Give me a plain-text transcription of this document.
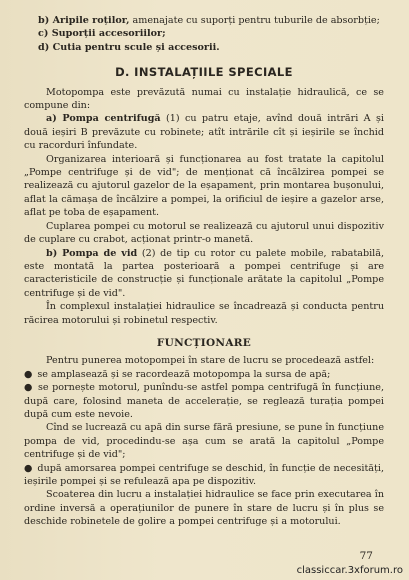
b) Aripile roților, amenajate cu suporți pentru tuburile de absorbție;

c) Suporții accesoriilor;

d) Cutia pentru scule și accesorii.

D. INSTALAȚIILE SPECIALE

Motopompa este prevăzută numai cu instalație hidraulică, ce se compune din:

a) Pompa centrifugă (1) cu patru etaje, avînd două intrări A și două ieșiri B prevăzute cu robinete; atît intrările cît și ieșirile se închid cu racorduri înfundate.

Organizarea interioară și funcționarea au fost tratate la capitolul „Pompe centrifuge și de vid"; de menționat că încălzirea pompei se realizează cu ajutorul gazelor de la eșapament, prin montarea bușonului, aflat la cămașa de încălzire a pompei, la orificiul de ieșire a gazelor arse, aflat pe toba de eșapament.

Cuplarea pompei cu motorul se realizează cu ajutorul unui dispozitiv de cuplare cu crabot, acționat printr-o manetă.

b) Pompa de vid (2) de tip cu rotor cu palete mobile, rabatabilă, este montată la partea posterioară a pompei centrifuge și are caracteristicile de construcție și funcționale arătate la capitolul „Pompe centrifuge și de vid".

În complexul instalației hidraulice se încadrează și conducta pentru răcirea motorului și robinetul respectiv.

FUNCȚIONARE

Pentru punerea motopompei în stare de lucru se procedează astfel:

● se amplasează și se racordează motopompa la sursa de apă;

● se pornește motorul, punîndu-se astfel pompa centrifugă în funcțiune, după care, folosind maneta de accelerație, se reglează turația pompei după cum este nevoie.

Cînd se lucrează cu apă din surse fără presiune, se pune în funcțiune pompa de vid, procedindu-se așa cum se arată la capitolul „Pompe centrifuge și de vid";

● după amorsarea pompei centrifuge se deschid, în funcție de necesități, ieșirile pompei și se refulează apa pe dispozitiv.

Scoaterea din lucru a instalației hidraulice se face prin executarea în ordine inversă a operațiunilor de punere în stare de lucru și în plus se deschide robinetele de golire a pompei centrifuge și a motorului.

77
classiccar.3xforum.ro
